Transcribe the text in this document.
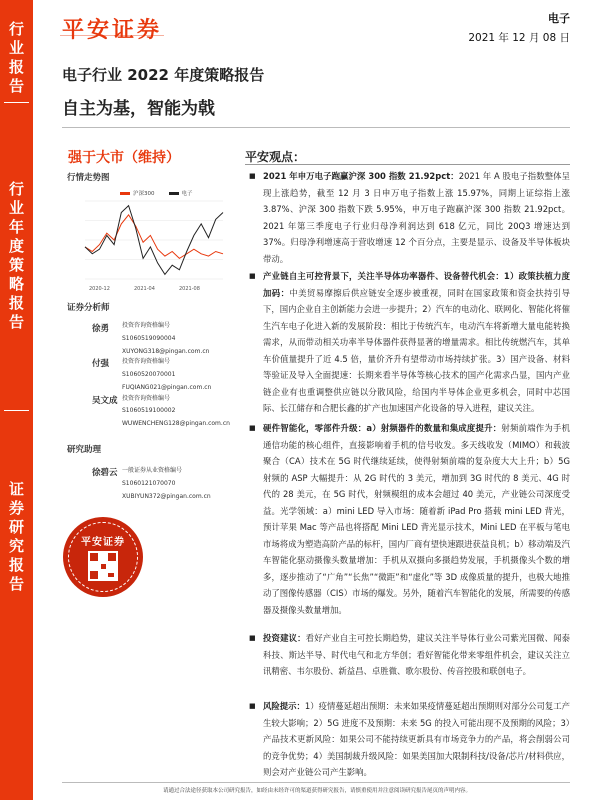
行业报告
行业年度策略报告
证券研究报告
平安证券	电子
2021 年 12 月 08 日
电子行业 2022 年度策略报告
自主为基，智能为戟
强于大市（维持）
行情走势图
沪深300	电子
2020-12	2021-04	2021-08
证券分析师
徐勇 投资咨询资格编号
S1060519090004
XUYONG318@pingan.com.cn
付强 投资咨询资格编号
S1060520070001
FUQIANG021@pingan.com.cn
吴文成 投资咨询资格编号
S1060519100002
WUWENCHENG128@pingan.com.cn
研究助理
徐碧云 一般证券从业资格编号
S1060121070070
XUBIYUN372@pingan.com.cn
平安证券
平安观点：
■ 2021 年申万电子跑赢沪深 300 指数 21.92pct：2021 年 A 股电子指数整体呈现上涨趋势，截至 12 月 3 日申万电子指数上涨 15.97%，同期上证综指上涨 3.87%、沪深 300 指数下跌 5.95%，申万电子跑赢沪深 300 指数 21.92pct。2021 年第三季度电子行业归母净利润达到 618 亿元，同比 20Q3 增速达到 37%。归母净利增速高于营收增速 12 个百分点，主要是显示、设备及半导体板块带动。
■ 产业链自主可控背景下，关注半导体功率器件、设备替代机会：1）政策扶植力度加码：中美贸易摩擦后供应链安全逐步被重视，同时在国家政策和资金扶持引导下，国内企业自主创新能力会进一步提升；2）汽车的电动化、联网化、智能化将催生汽车电子化进入新的发展阶段：相比于传统汽车，电动汽车将新增大量电能转换需求，从而带动相关功率半导体器件获得显著的增量需求。相比传统燃汽车，其单车价值量提升了近 4.5 倍，量价齐升有望带动市场持续扩张。3）国产设备、材料等验证及导入全面提速：长期来看半导体等核心技术的国产化需求凸显，国内产业链企业有也重调整供应链以分散风险，给国内半导体企业更多机会，同时中芯国际、长江储存和合肥长鑫的扩产也加速国产化设备的导入进程，建议关注。
■ 硬件智能化，零部件升级：a）射频器件的数量和集成度提升：射频前端作为手机通信功能的核心组件，直接影响着手机的信号收发。多天线收发（MIMO）和载波聚合（CA）技术在 5G 时代继续延续，使得射频前端的复杂度大大上升；b）5G 射频的 ASP 大幅提升：从 2G 时代的 3 美元，增加到 3G 时代的 8 美元、4G 时代的 28 美元，在 5G 时代，射频模组的成本会超过 40 美元，产业链公司深度受益。光学领域：a）mini LED 导入市场：随着新 iPad Pro 搭载 mini LED 背光，预计苹果 Mac 等产品也将搭配 Mini LED 背光显示技术，Mini LED 在平板与笔电市场将成为塑造高阶产品的标杆，国内厂商有望快速跟进获益良机；b）移动端及汽车智能化驱动摄像头数量增加：手机从双摄向多摄趋势发展，手机摄像头个数的增多，逐步推动了“广角”“长焦”“微距”和“虚化”等 3D 成像质量的提升，也极大地推动了图像传感器（CIS）市场的爆发。另外，随着汽车智能化的发展，所需要的传感器及摄像头数量增加。
■ 投资建议：看好产业自主可控长期趋势，建议关注半导体行业公司紫光国微、闻泰科技、斯达半导、时代电气和北方华创；看好智能化带来零组件机会，建议关注立讯精密、韦尔股份、新益昌、卓胜微、歌尔股份、传音控股和联创电子。
■ 风险提示：1）疫情蔓延超出预期：未来如果疫情蔓延超出预期则对部分公司复工产生较大影响；2）5G 进度不及预期：未来 5G 的投入可能出现不及预期的风险；3）产品技术更新风险：如果公司不能持续更新具有市场竞争力的产品，将会削弱公司的竞争优势；4）美国制裁升级风险：如果美国加大限制科技/设备/芯片/材料供应，则会对产业链公司产生影响。
请通过合法途径获取本公司研究报告，如经由未经许可的渠道获得研究报告，请慎重使用并注意阅读研究报告尾页的声明内容。
